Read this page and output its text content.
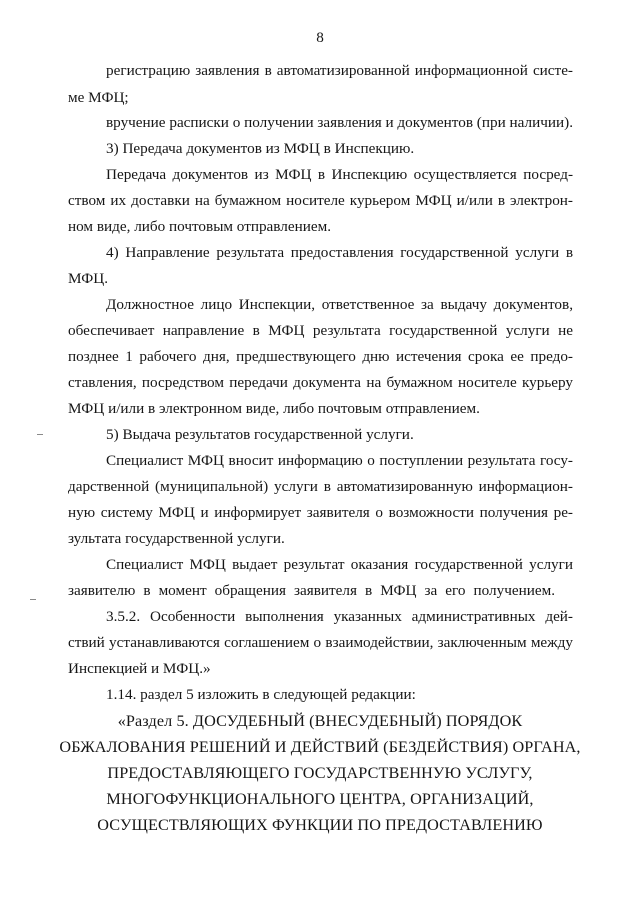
8
регистрацию заявления в автоматизированной информационной систе-
ме МФЦ;
вручение расписки о получении заявления и документов (при наличии).
3) Передача документов из МФЦ в Инспекцию.
Передача документов из МФЦ в Инспекцию осуществляется посред-
ством их доставки на бумажном носителе курьером МФЦ и/или в электрон-
ном виде, либо почтовым отправлением.
4) Направление результата предоставления государственной услуги в
МФЦ.
Должностное лицо Инспекции, ответственное за выдачу документов,
обеспечивает направление в МФЦ результата государственной услуги не
позднее 1 рабочего дня, предшествующего дню истечения срока ее предо-
ставления, посредством передачи документа на бумажном носителе курьеру
МФЦ и/или в электронном виде, либо почтовым отправлением.
5) Выдача результатов государственной услуги.
Специалист МФЦ вносит информацию о поступлении результата госу-
дарственной (муниципальной) услуги в автоматизированную информацион-
ную систему МФЦ и информирует заявителя о возможности получения ре-
зультата государственной услуги.
Специалист МФЦ выдает результат оказания государственной услуги
заявителю в момент обращения заявителя в МФЦ за его получением.
3.5.2. Особенности выполнения указанных административных дей-
ствий устанавливаются соглашением о взаимодействии, заключенным между
Инспекцией и МФЦ.»
1.14. раздел 5 изложить в следующей редакции:
«Раздел 5. ДОСУДЕБНЫЙ (ВНЕСУДЕБНЫЙ) ПОРЯДОК
ОБЖАЛОВАНИЯ РЕШЕНИЙ И ДЕЙСТВИЙ (БЕЗДЕЙСТВИЯ) ОРГАНА,
ПРЕДОСТАВЛЯЮЩЕГО ГОСУДАРСТВЕННУЮ УСЛУГУ,
МНОГОФУНКЦИОНАЛЬНОГО ЦЕНТРА, ОРГАНИЗАЦИЙ,
ОСУЩЕСТВЛЯЮЩИХ ФУНКЦИИ ПО ПРЕДОСТАВЛЕНИЮ
